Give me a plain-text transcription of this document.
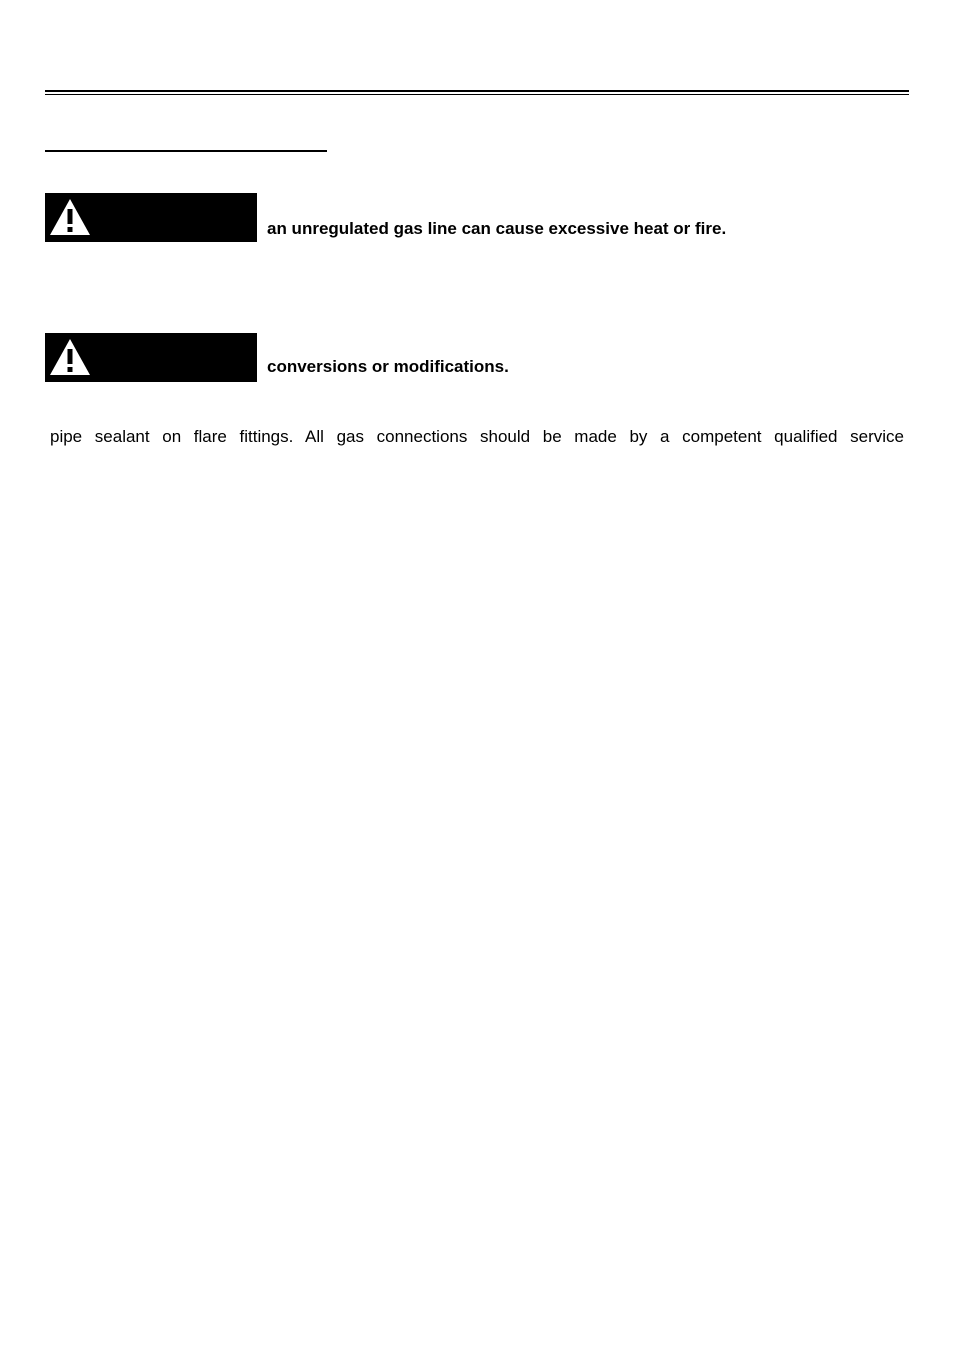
an unregulated gas line can cause excessive heat or fire.
conversions or modifications.
pipe sealant on flare fittings. All gas connections should be made by a competent qualified service
